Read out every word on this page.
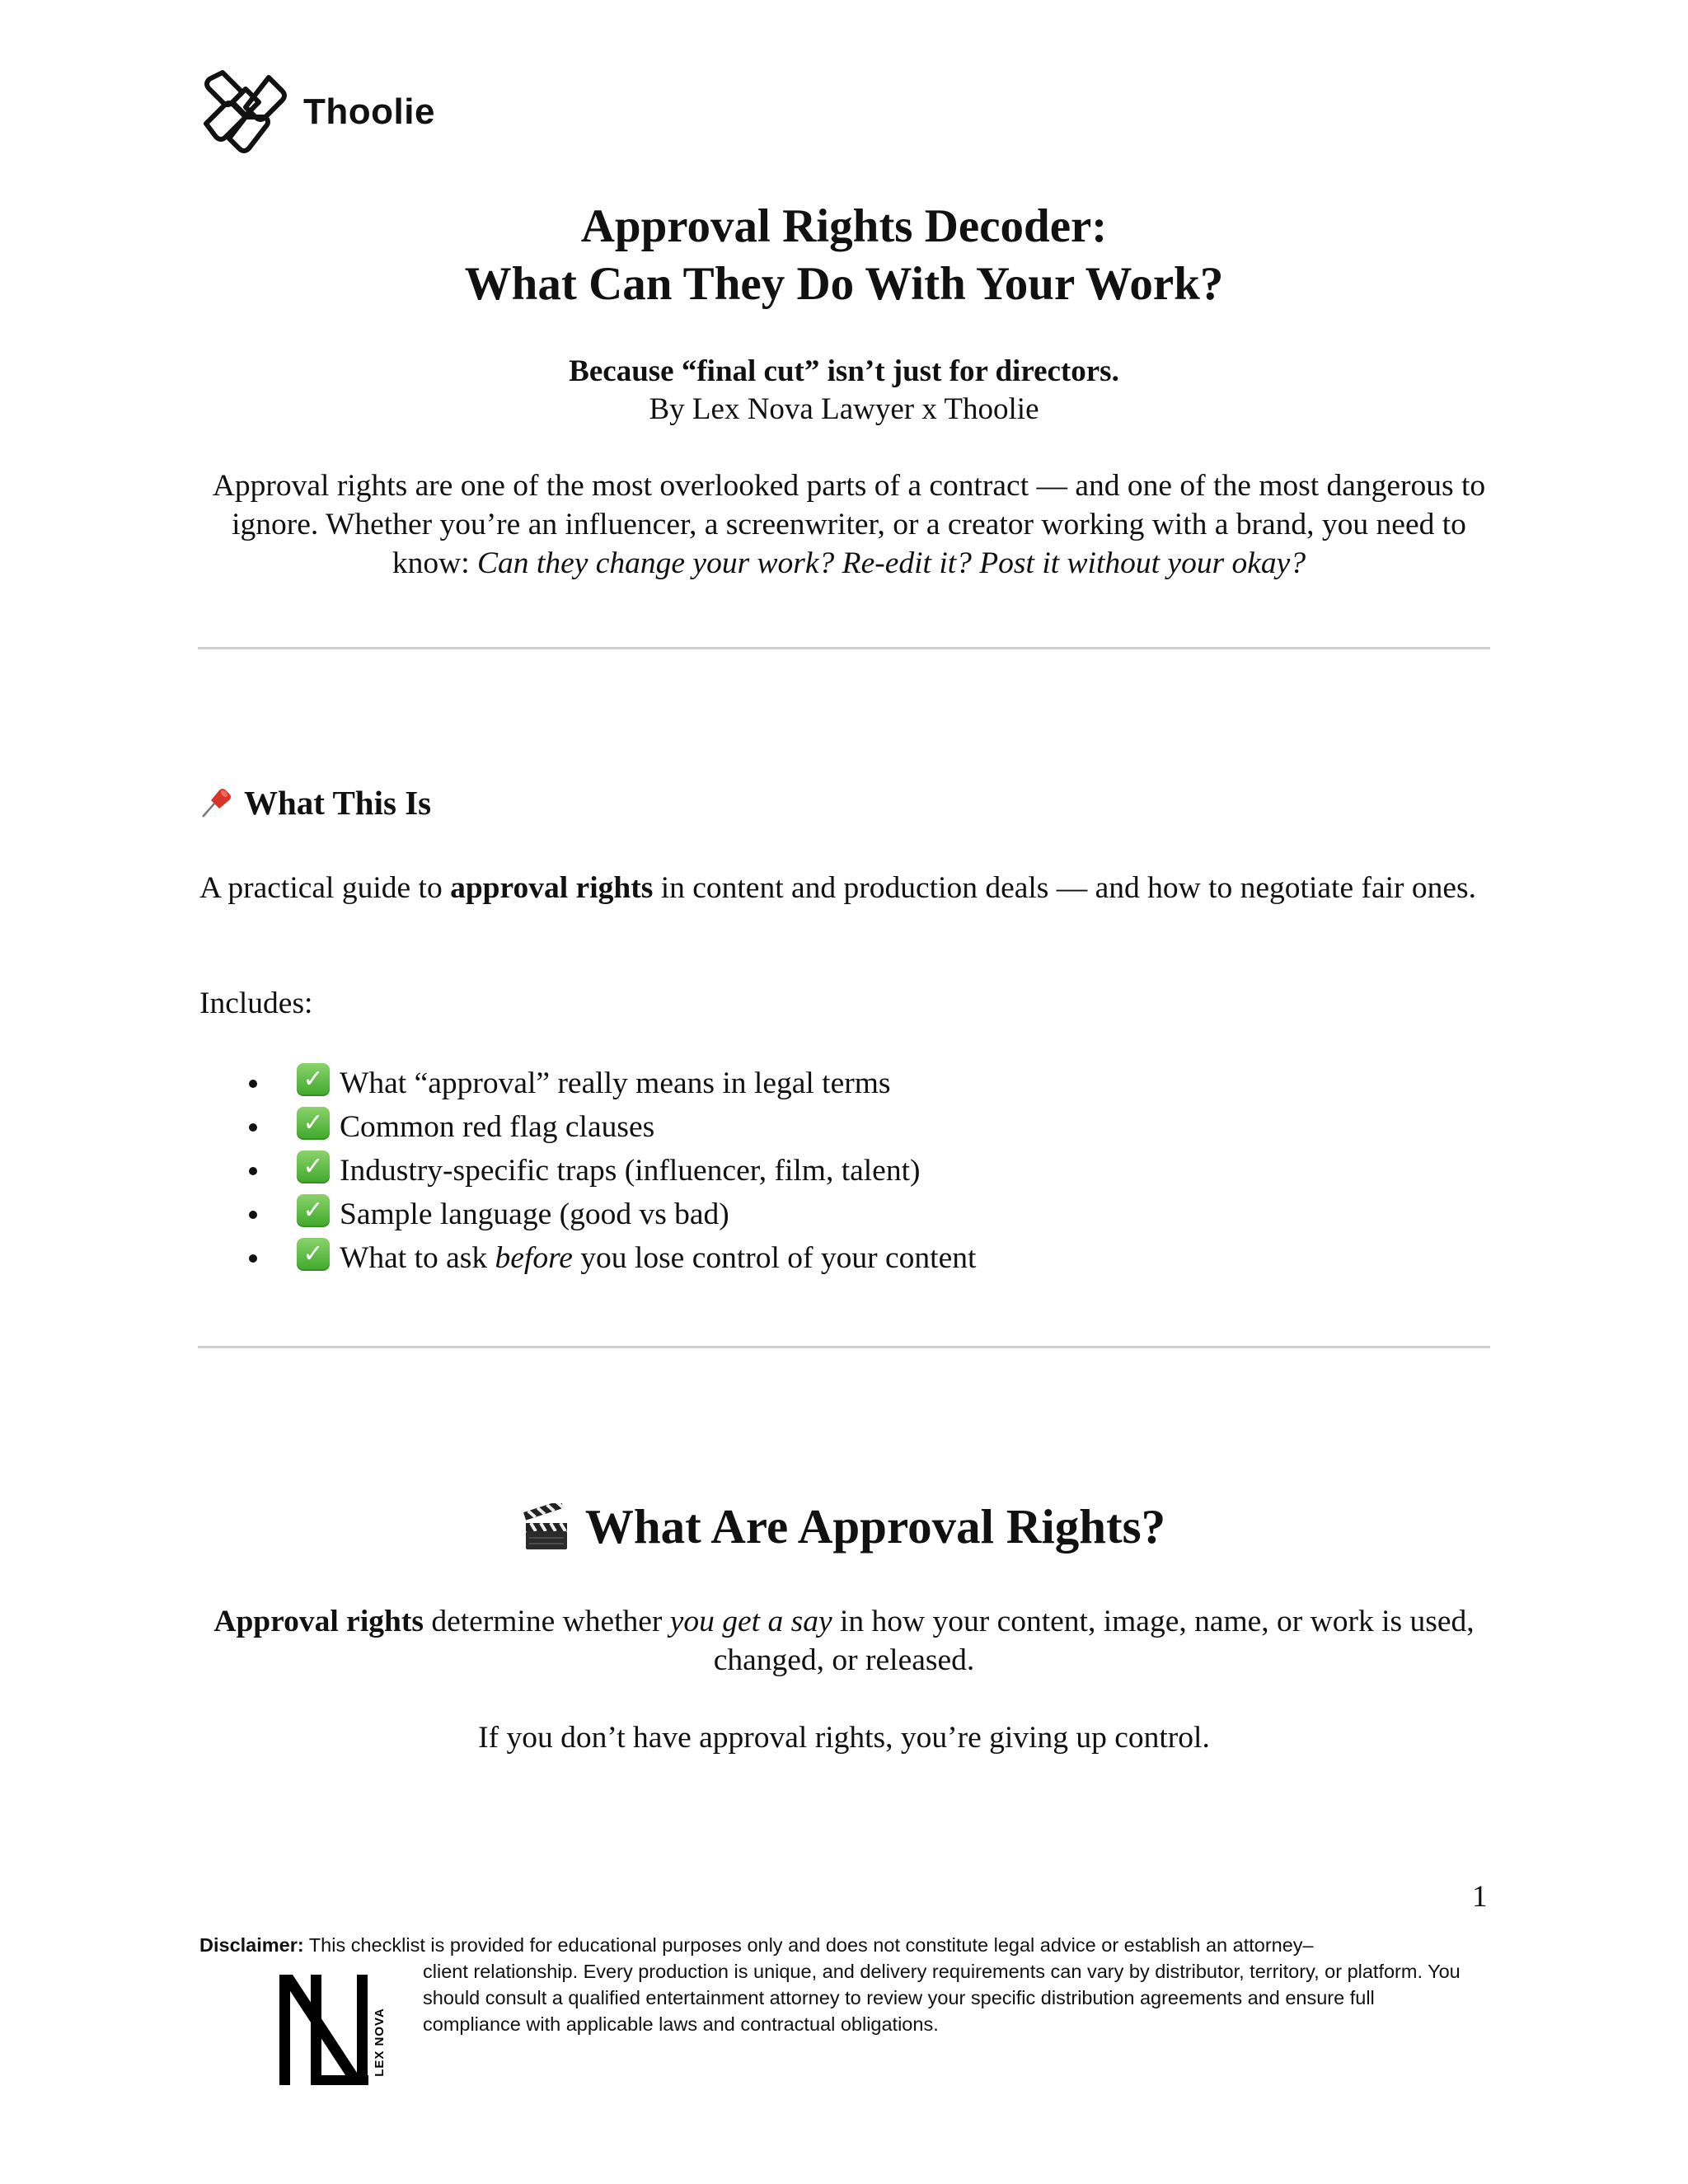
Thoolie
Approval Rights Decoder:
What Can They Do With Your Work?
Because “final cut” isn’t just for directors.
By Lex Nova Lawyer x Thoolie
Approval rights are one of the most overlooked parts of a contract — and one of the most dangerous to ignore. Whether you’re an influencer, a screenwriter, or a creator working with a brand, you need to know: Can they change your work? Re-edit it? Post it without your okay?
What This Is
A practical guide to approval rights in content and production deals — and how to negotiate fair ones.
Includes:
✓ What “approval” really means in legal terms
✓ Common red flag clauses
✓ Industry-specific traps (influencer, film, talent)
✓ Sample language (good vs bad)
✓ What to ask before you lose control of your content
What Are Approval Rights?
Approval rights determine whether you get a say in how your content, image, name, or work is used, changed, or released.
If you don’t have approval rights, you’re giving up control.
1
Disclaimer: This checklist is provided for educational purposes only and does not constitute legal advice or establish an attorney–
client relationship. Every production is unique, and delivery requirements can vary by distributor, territory, or platform. You should consult a qualified entertainment attorney to review your specific distribution agreements and ensure full compliance with applicable laws and contractual obligations.
LEX NOVA
